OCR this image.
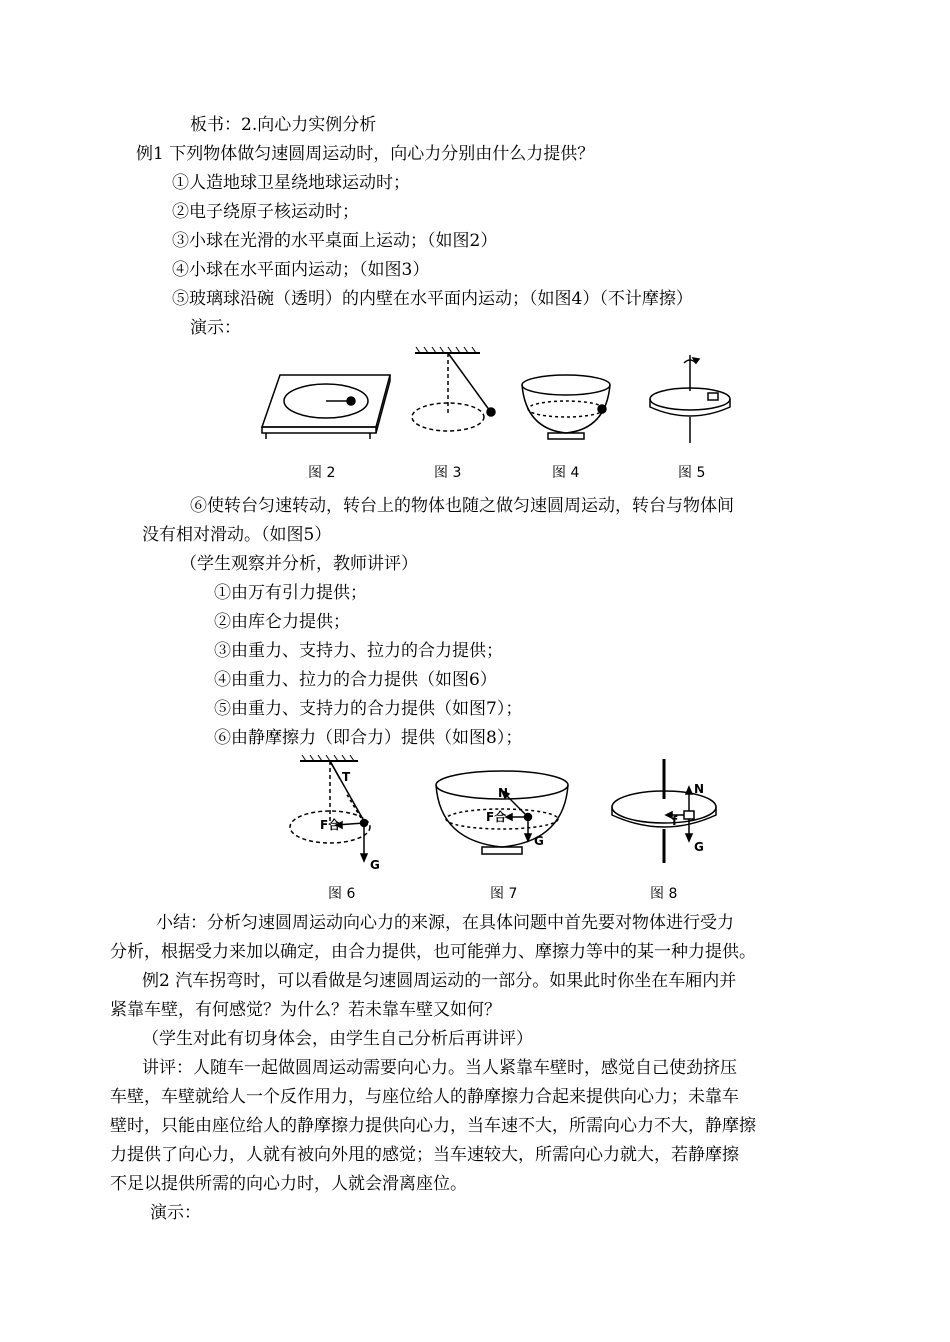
板书：2.向心力实例分析
例1 下列物体做匀速圆周运动时，向心力分别由什么力提供？
①人造地球卫星绕地球运动时；
②电子绕原子核运动时；
③小球在光滑的水平桌面上运动；（如图2）
④小球在水平面内运动；（如图3）
⑤玻璃球沿碗（透明）的内壁在水平面内运动；（如图4）（不计摩擦）
演示：
图 2	图 3	图 4	图 5
⑥使转台匀速转动，转台上的物体也随之做匀速圆周运动，转台与物体间
没有相对滑动。（如图5）
（学生观察并分析，教师讲评）
①由万有引力提供；
②由库仑力提供；
③由重力、支持力、拉力的合力提供；
④由重力、拉力的合力提供（如图6）
⑤由重力、支持力的合力提供（如图7）；
⑥由静摩擦力（即合力）提供（如图8）；
T
F合
G
N
F合
G
N
f
G
图 6	图 7	图 8
小结：分析匀速圆周运动向心力的来源，在具体问题中首先要对物体进行受力
分析，根据受力来加以确定，由合力提供，也可能弹力、摩擦力等中的某一种力提供。
例2 汽车拐弯时，可以看做是匀速圆周运动的一部分。如果此时你坐在车厢内并
紧靠车壁，有何感觉？为什么？若未靠车壁又如何？
（学生对此有切身体会，由学生自己分析后再讲评）
讲评：人随车一起做圆周运动需要向心力。当人紧靠车壁时，感觉自己使劲挤压
车壁，车壁就给人一个反作用力，与座位给人的静摩擦力合起来提供向心力；未靠车
壁时，只能由座位给人的静摩擦力提供向心力，当车速不大，所需向心力不大，静摩擦
力提供了向心力，人就有被向外甩的感觉；当车速较大，所需向心力就大，若静摩擦
不足以提供所需的向心力时，人就会滑离座位。
演示：
